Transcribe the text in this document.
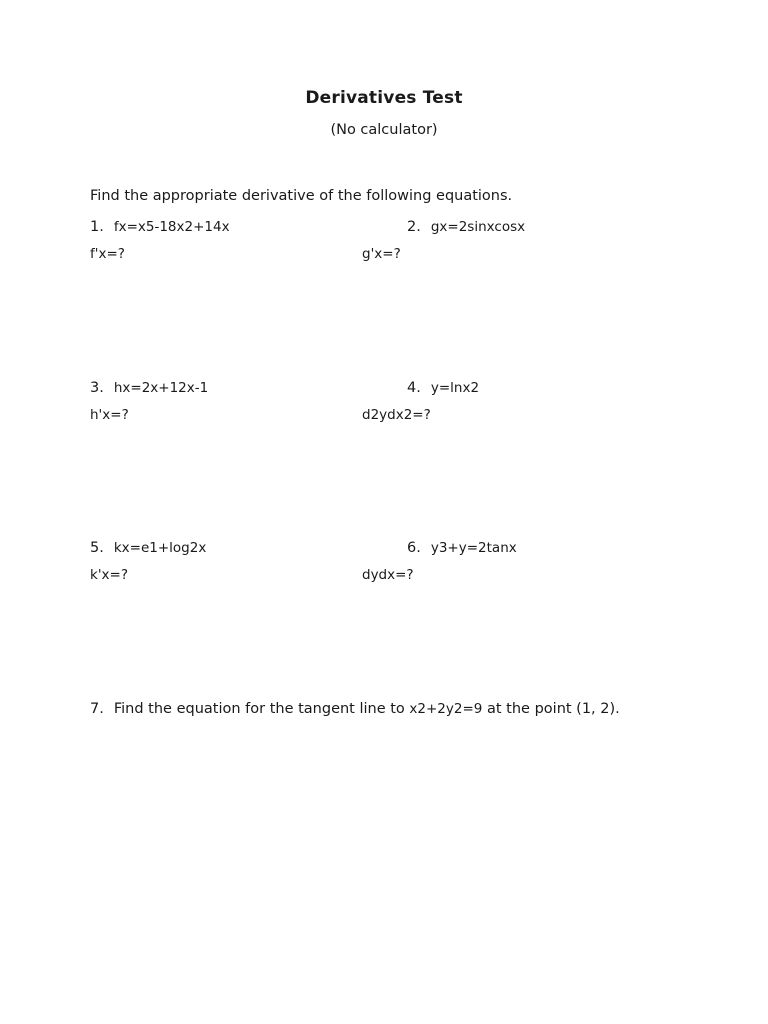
Derivatives Test
(No calculator)
Find the appropriate derivative of the following equations.
1. fx=x5-18x2+14x
f'x=?
2. gx=2sinxcosx
g'x=?
3. hx=2x+12x-1
h'x=?
4. y=lnx2
d2ydx2=?
5. kx=e1+log2x
k'x=?
6. y3+y=2tanx
dydx=?
7. Find the equation for the tangent line to x2+2y2=9 at the point (1, 2).
